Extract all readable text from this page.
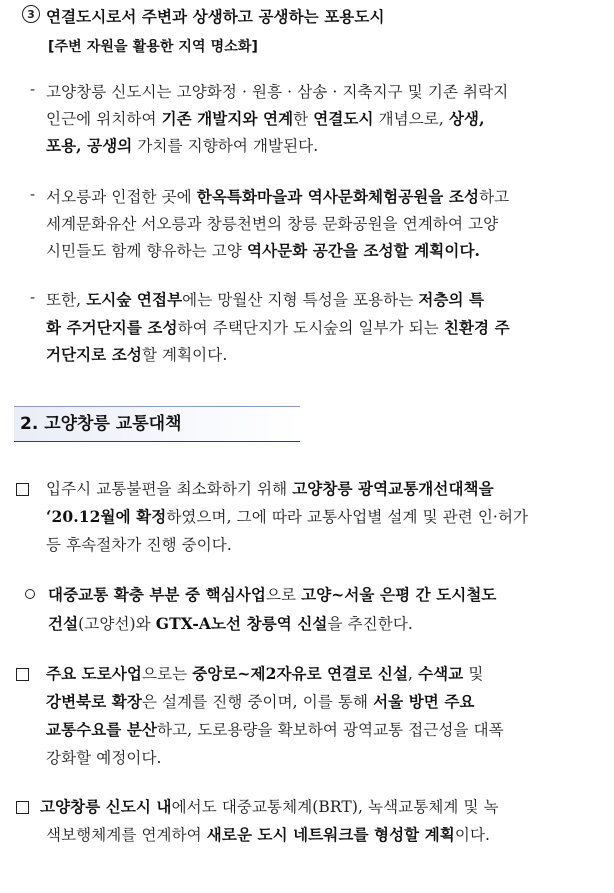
3 연결도시로서 주변과 상생하고 공생하는 포용도시
[주변 자원을 활용한 지역 명소화]
- 고양창릉 신도시는 고양화정 · 원흥 · 삼송 · 지축지구 및 기존 취락지
인근에 위치하여 기존 개발지와 연계한 연결도시 개념으로, 상생,
포용, 공생의 가치를 지향하여 개발된다.
- 서오릉과 인접한 곳에 한옥특화마을과 역사문화체험공원을 조성하고
세계문화유산 서오릉과 창릉천변의 창릉 문화공원을 연계하여 고양
시민들도 함께 향유하는 고양 역사문화 공간을 조성할 계획이다.
- 또한, 도시숲 연접부에는 망월산 지형 특성을 포용하는 저층의 특
화 주거단지를 조성하여 주택단지가 도시숲의 일부가 되는 친환경 주
거단지로 조성할 계획이다.
2. 고양창릉 교통대책
입주시 교통불편을 최소화하기 위해 고양창릉 광역교통개선대책을
‘20.12월에 확정하였으며, 그에 따라 교통사업별 설계 및 관련 인·허가
등 후속절차가 진행 중이다.
대중교통 확충 부분 중 핵심사업으로 고양~서울 은평 간 도시철도
건설(고양선)와 GTX-A노선 창릉역 신설을 추진한다.
주요 도로사업으로는 중앙로~제2자유로 연결로 신설, 수색교 및
강변북로 확장은 설계를 진행 중이며, 이를 통해 서울 방면 주요
교통수요를 분산하고, 도로용량을 확보하여 광역교통 접근성을 대폭
강화할 예정이다.
고양창릉 신도시 내에서도 대중교통체계(BRT), 녹색교통체계 및 녹
색보행체계를 연계하여 새로운 도시 네트워크를 형성할 계획이다.
